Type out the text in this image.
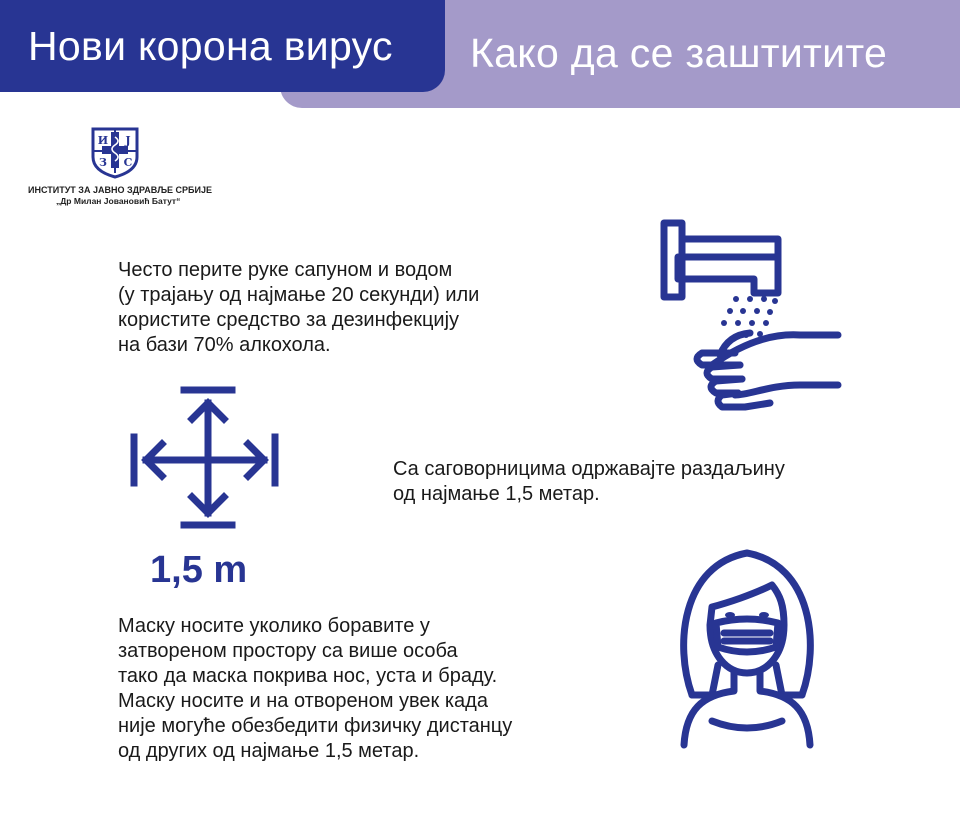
Како да се заштитите
Нови корона вирус
И Ј
З С
ИНСТИТУТ ЗА ЈАВНО ЗДРАВЉЕ СРБИЈЕ
„Др Милан Јовановић Батут“
Често перите руке сапуном и водом
(у трајању од најмање 20 секунди) или
користите средство за дезинфекцију
на бази 70% алкохола.
Са саговорницима одржавајте раздаљину
од најмање 1,5 метар.
1,5 m
Маску носите уколико боравите у
затвореном простору са више особа
тако да маска покрива нос, уста и браду.
Маску носите и на отвореном увек када
није могуће обезбедити физичку дистанцу
од других од најмање 1,5 метар.
